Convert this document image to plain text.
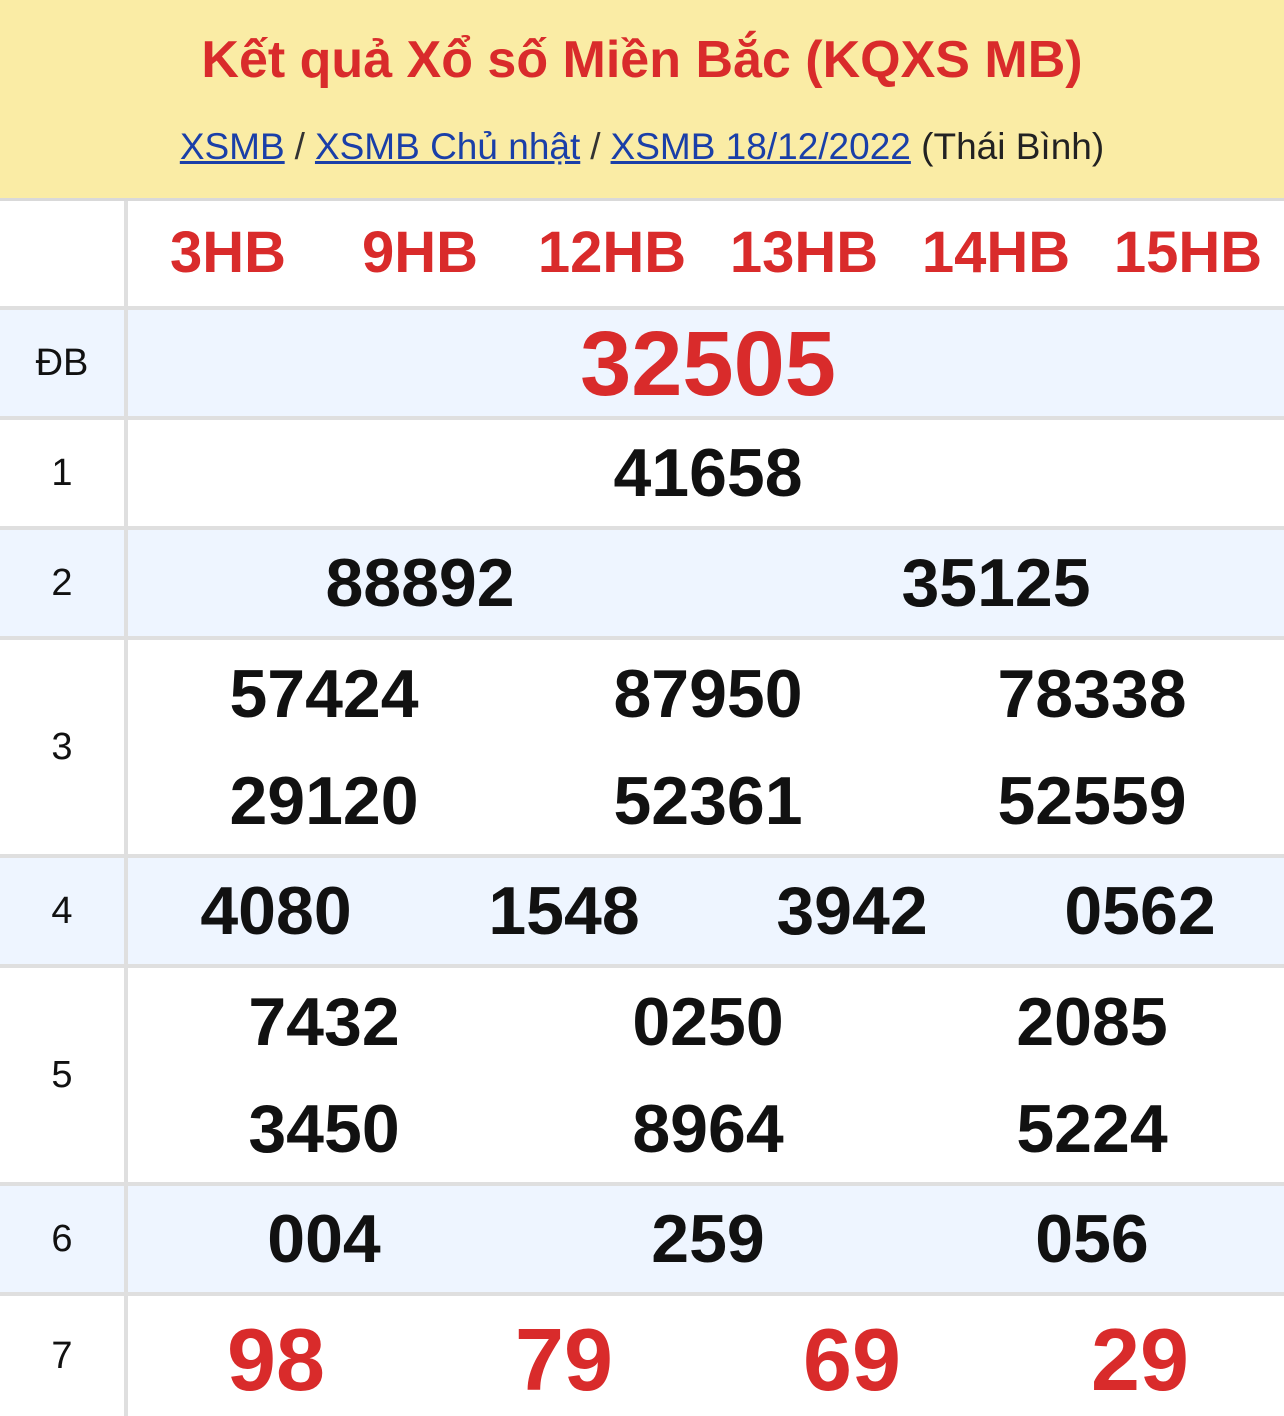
Kết quả Xổ số Miền Bắc (KQXS MB)
XSMB / XSMB Chủ nhật / XSMB 18/12/2022 (Thái Bình)
3HB	9HB	12HB 13HB 14HB 15HB
ĐB	32505
1	41658
2	88892	35125
3
57424	87950	78338
29120	52361	52559
4	4080	1548	3942	0562
5
7432	0250	2085
3450	8964	5224
6	004	259	056
7	98	79	69	29
